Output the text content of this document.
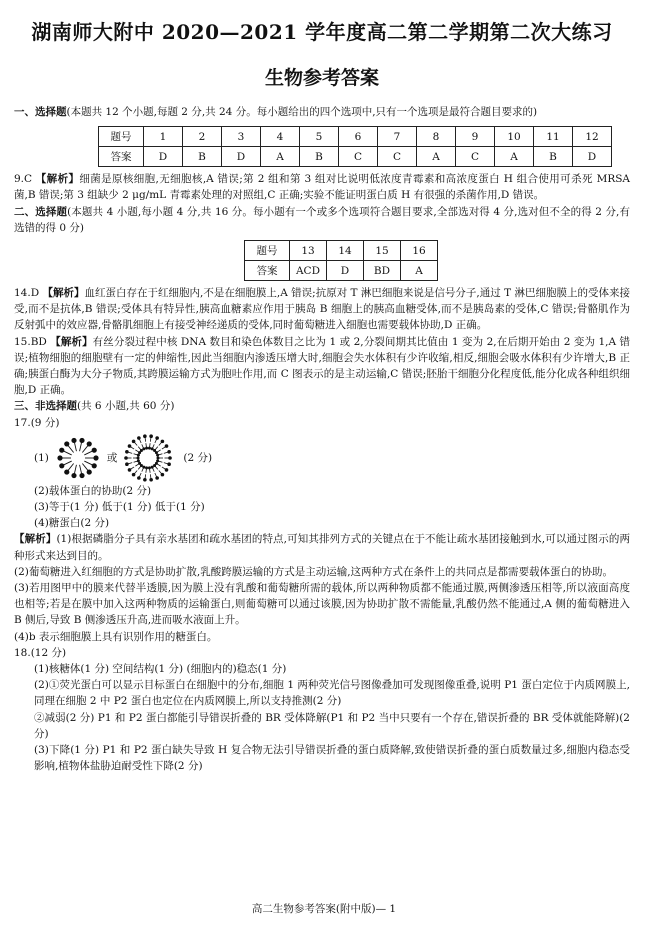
湖南师大附中 2020—2021 学年度高二第二学期第二次大练习
生物参考答案

一、选择题(本题共 12 个小题,每题 2 分,共 24 分。每小题给出的四个选项中,只有一个选项是最符合题目要求的)

题号	1	2	3	4	5	6	7	8	9	10	11	12
答案	D	B	D	A	B	C	C	A	C	A	B	D

9.C 【解析】细菌是原核细胞,无细胞核,A 错误;第 2 组和第 3 组对比说明低浓度青霉素和高浓度蛋白 H 组合使用可杀死 MRSA 菌,B 错误;第 3 组缺少 2 μg/mL 青霉素处理的对照组,C 正确;实验不能证明蛋白质 H 有很强的杀菌作用,D 错误。

二、选择题(本题共 4 小题,每小题 4 分,共 16 分。每小题有一个或多个选项符合题目要求,全部选对得 4 分,选对但不全的得 2 分,有选错的得 0 分)

题号	13	14	15	16
答案	ACD	D	BD	A

14.D 【解析】血红蛋白存在于红细胞内,不是在细胞膜上,A 错误;抗原对 T 淋巴细胞来说是信号分子,通过 T 淋巴细胞膜上的受体来接受,而不是抗体,B 错误;受体具有特异性,胰高血糖素应作用于胰岛 B 细胞上的胰高血糖受体,而不是胰岛素的受体,C 错误;骨骼肌作为反射弧中的效应器,骨骼肌细胞上有接受神经递质的受体,同时葡萄糖进入细胞也需要载体协助,D 正确。

15.BD 【解析】有丝分裂过程中核 DNA 数目和染色体数目之比为 1 或 2,分裂间期其比值由 1 变为 2,在后期开始由 2 变为 1,A 错误;植物细胞的细胞壁有一定的伸缩性,因此当细胞内渗透压增大时,细胞会失水体积有少许收缩,相反,细胞会吸水体积有少许增大,B 正确;胰蛋白酶为大分子物质,其跨膜运输方式为胞吐作用,而 C 图表示的是主动运输,C 错误;胚胎干细胞分化程度低,能分化成各种组织细胞,D 正确。

三、非选择题(共 6 小题,共 60 分)

17.(9 分)

(1)	或	(2 分)

(2)载体蛋白的协助(2 分)

(3)等于(1 分) 低于(1 分) 低于(1 分)

(4)糖蛋白(2 分)

【解析】(1)根据磷脂分子具有亲水基团和疏水基团的特点,可知其排列方式的关键点在于不能让疏水基团接触到水,可以通过图示的两种形式来达到目的。

(2)葡萄糖进入红细胞的方式是协助扩散,乳酸跨膜运输的方式是主动运输,这两种方式在条件上的共同点是都需要载体蛋白的协助。

(3)若用图甲中的膜来代替半透膜,因为膜上没有乳酸和葡萄糖所需的载体,所以两种物质都不能通过膜,两侧渗透压相等,所以液面高度也相等;若是在膜中加入这两种物质的运输蛋白,则葡萄糖可以通过该膜,因为协助扩散不需能量,乳酸仍然不能通过,A 侧的葡萄糖进入 B 侧后,导致 B 侧渗透压升高,进而吸水液面上升。

(4)b 表示细胞膜上具有识别作用的糖蛋白。

18.(12 分)

(1)核糖体(1 分) 空间结构(1 分) (细胞内的)稳态(1 分)

(2)①荧光蛋白可以显示目标蛋白在细胞中的分布,细胞 1 两种荧光信号图像叠加可发现图像重叠,说明 P1 蛋白定位于内质网膜上,同理在细胞 2 中 P2 蛋白也定位在内质网膜上,所以支持推测(2 分)

②减弱(2 分) P1 和 P2 蛋白都能引导错误折叠的 BR 受体降解(P1 和 P2 当中只要有一个存在,错误折叠的 BR 受体就能降解)(2 分)

(3)下降(1 分) P1 和 P2 蛋白缺失导致 H 复合物无法引导错误折叠的蛋白质降解,致使错误折叠的蛋白质数量过多,细胞内稳态受影响,植物体盐胁迫耐受性下降(2 分)

高二生物参考答案(附中版)— 1
